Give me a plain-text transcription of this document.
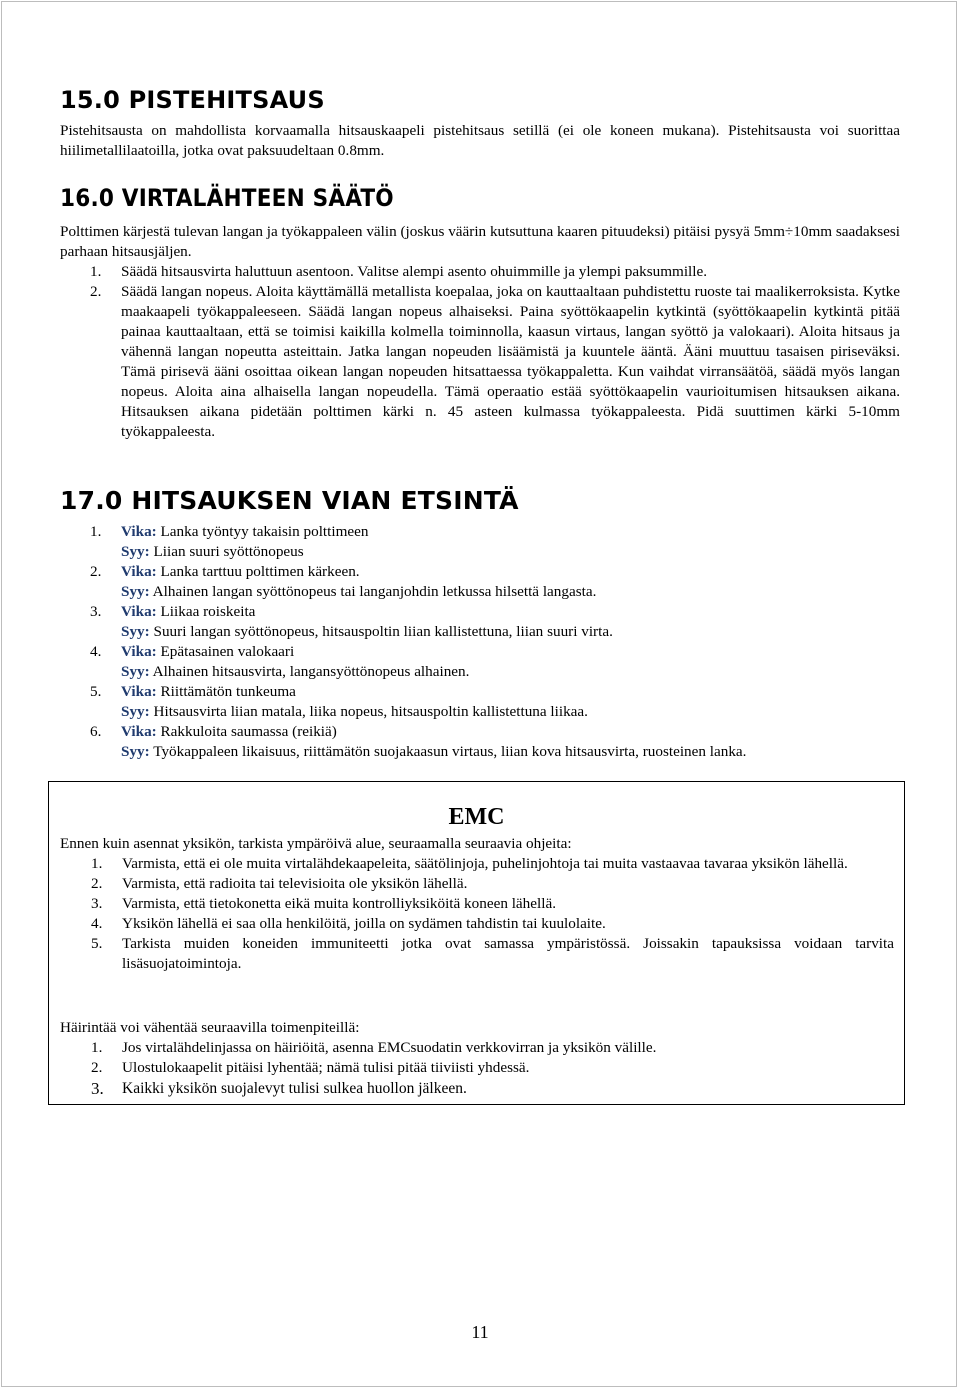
15.0 PISTEHITSAUS

Pistehitsausta on mahdollista korvaamalla hitsauskaapeli pistehitsaus setillä (ei ole koneen mukana). Pistehitsausta voi suorittaa hiilimetallilaatoilla, jotka ovat paksuudeltaan 0.8mm.

16.0 VIRTALÄHTEEN SÄÄTÖ

Polttimen kärjestä tulevan langan ja työkappaleen välin (joskus väärin kutsuttuna kaaren pituudeksi) pitäisi pysyä 5mm÷10mm saadaksesi parhaan hitsausjäljen.

1. Säädä hitsausvirta haluttuun asentoon. Valitse alempi asento ohuimmille ja ylempi paksummille.
2. Säädä langan nopeus. Aloita käyttämällä metallista koepalaa, joka on kauttaaltaan puhdistettu ruoste tai maalikerroksista. Kytke maakaapeli työkappaleeseen. Säädä langan nopeus alhaiseksi. Paina syöttökaapelin kytkintä (syöttökaapelin kytkintä pitää painaa kauttaaltaan, että se toimisi kaikilla kolmella toiminnolla, kaasun virtaus, langan syöttö ja valokaari). Aloita hitsaus ja vähennä langan nopeutta asteittain. Jatka langan nopeuden lisäämistä ja kuuntele ääntä. Ääni muuttuu tasaisen piriseväksi. Tämä pirisevä ääni osoittaa oikean langan nopeuden hitsattaessa työkappaletta. Kun vaihdat virransäätöä, säädä myös langan nopeus. Aloita aina alhaisella langan nopeudella. Tämä operaatio estää syöttökaapelin vaurioitumisen hitsauksen aikana. Hitsauksen aikana pidetään polttimen kärki n. 45 asteen kulmassa työkappaleesta. Pidä suuttimen kärki 5-10mm työkappaleesta.
17.0 HITSAUKSEN VIAN ETSINTÄ
1. Vika: Lanka työntyy takaisin polttimeen
Syy: Liian suuri syöttönopeus
2. Vika: Lanka tarttuu polttimen kärkeen.
Syy: Alhainen langan syöttönopeus tai langanjohdin letkussa hilsettä langasta.
3. Vika: Liikaa roiskeita
Syy: Suuri langan syöttönopeus, hitsauspoltin liian kallistettuna, liian suuri virta.
4. Vika: Epätasainen valokaari
Syy: Alhainen hitsausvirta, langansyöttönopeus alhainen.
5. Vika: Riittämätön tunkeuma
Syy: Hitsausvirta liian matala, liika nopeus, hitsauspoltin kallistettuna liikaa.
6. Vika: Rakkuloita saumassa (reikiä)
Syy: Työkappaleen likaisuus, riittämätön suojakaasun virtaus, liian kova hitsausvirta, ruosteinen lanka.

EMC

Ennen kuin asennat yksikön, tarkista ympäröivä alue, seuraamalla seuraavia ohjeita:

1. Varmista, että ei ole muita virtalähdekaapeleita, säätölinjoja, puhelinjohtoja tai muita vastaavaa tavaraa yksikön lähellä.
2. Varmista, että radioita tai televisioita ole yksikön lähellä.
3. Varmista, että tietokonetta eikä muita kontrolliyksiköitä koneen lähellä.
4. Yksikön lähellä ei saa olla henkilöitä, joilla on sydämen tahdistin tai kuulolaite.
5. Tarkista muiden koneiden immuniteetti jotka ovat samassa ympäristössä. Joissakin tapauksissa voidaan tarvita lisäsuojatoimintoja.

Häirintää voi vähentää seuraavilla toimenpiteillä:

1. Jos virtalähdelinjassa on häiriöitä, asenna EMCsuodatin verkkovirran ja yksikön välille.
2. Ulostulokaapelit pitäisi lyhentää; nämä tulisi pitää tiiviisti yhdessä.
3. Kaikki yksikön suojalevyt tulisi sulkea huollon jälkeen.
11
